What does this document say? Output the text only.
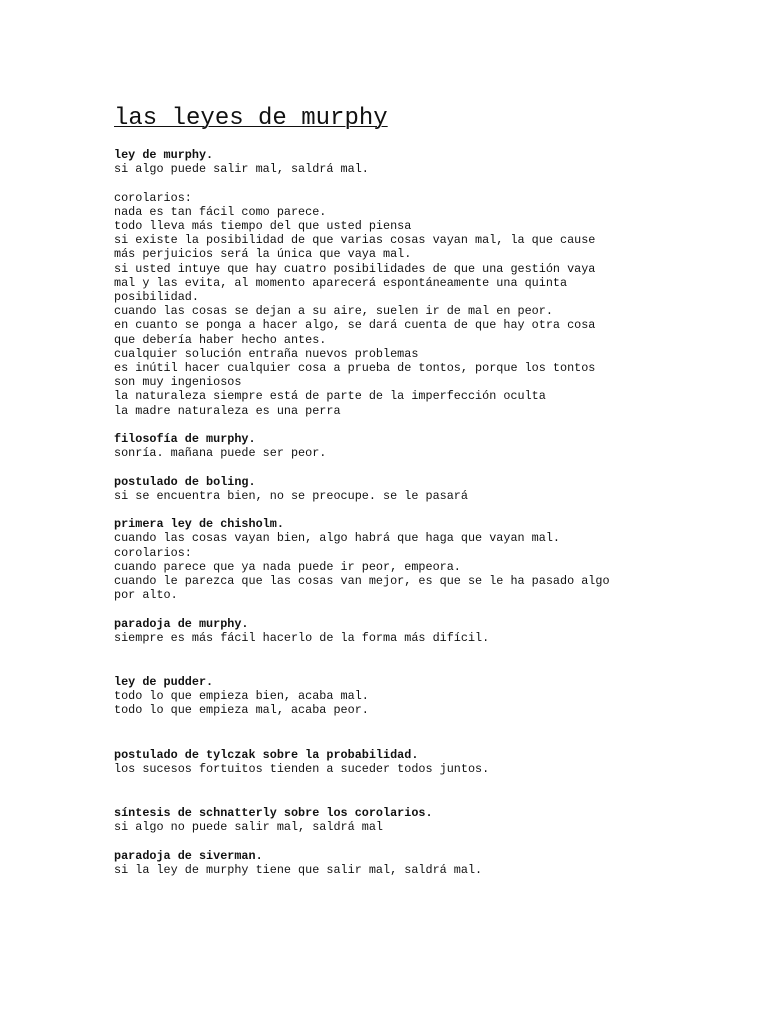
las leyes de murphy
ley de murphy.
si algo puede salir mal, saldrá mal.
corolarios:
nada es tan fácil como parece.
todo lleva más tiempo del que usted piensa
si existe la posibilidad de que varias cosas vayan mal, la que cause
más perjuicios será la única que vaya mal.
si usted intuye que hay cuatro posibilidades de que una gestión vaya
mal y las evita, al momento aparecerá espontáneamente una quinta
posibilidad.
cuando las cosas se dejan a su aire, suelen ir de mal en peor.
en cuanto se ponga a hacer algo, se dará cuenta de que hay otra cosa
que debería haber hecho antes.
cualquier solución entraña nuevos problemas
es inútil hacer cualquier cosa a prueba de tontos, porque los tontos
son muy ingeniosos
la naturaleza siempre está de parte de la imperfección oculta
la madre naturaleza es una perra
filosofía de murphy.
sonría. mañana puede ser peor.
postulado de boling.
si se encuentra bien, no se preocupe. se le pasará
primera ley de chisholm.
cuando las cosas vayan bien, algo habrá que haga que vayan mal.
corolarios:
cuando parece que ya nada puede ir peor, empeora.
cuando le parezca que las cosas van mejor, es que se le ha pasado algo
por alto.
paradoja de murphy.
siempre es más fácil hacerlo de la forma más difícil.
ley de pudder.
todo lo que empieza bien, acaba mal.
todo lo que empieza mal, acaba peor.
postulado de tylczak sobre la probabilidad.
los sucesos fortuitos tienden a suceder todos juntos.
síntesis de schnatterly sobre los corolarios.
si algo no puede salir mal, saldrá mal
paradoja de siverman.
si la ley de murphy tiene que salir mal, saldrá mal.
